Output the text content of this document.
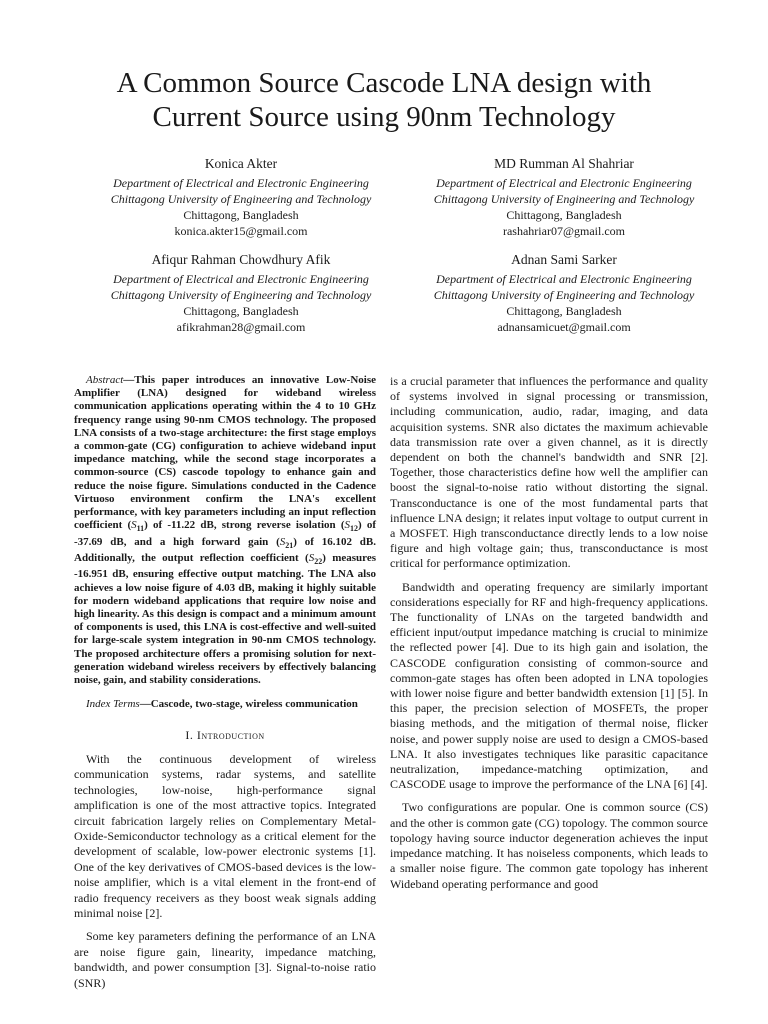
A Common Source Cascode LNA design with
Current Source using 90nm Technology
Konica Akter
Department of Electrical and Electronic Engineering
Chittagong University of Engineering and Technology
Chittagong, Bangladesh
konica.akter15@gmail.com
MD Rumman Al Shahriar
Department of Electrical and Electronic Engineering
Chittagong University of Engineering and Technology
Chittagong, Bangladesh
rashahriar07@gmail.com
Afiqur Rahman Chowdhury Afik
Department of Electrical and Electronic Engineering
Chittagong University of Engineering and Technology
Chittagong, Bangladesh
afikrahman28@gmail.com
Adnan Sami Sarker
Department of Electrical and Electronic Engineering
Chittagong University of Engineering and Technology
Chittagong, Bangladesh
adnansamicuet@gmail.com
Abstract—This paper introduces an innovative Low-Noise Amplifier (LNA) designed for wideband wireless communication applications operating within the 4 to 10 GHz frequency range using 90-nm CMOS technology. The proposed LNA consists of a two-stage architecture: the first stage employs a common-gate (CG) configuration to achieve wideband input impedance matching, while the second stage incorporates a common-source (CS) cascode topology to enhance gain and reduce the noise figure. Simulations conducted in the Cadence Virtuoso environment confirm the LNA's excellent performance, with key parameters including an input reflection coefficient $(S_{11})$ of -11.22 dB, strong reverse isolation $(S_{12})$ of -37.69 dB, and a high forward gain $(S_{21})$ of 16.102 dB. Additionally, the output reflection coefficient $(S_{22})$ measures -16.951 dB, ensuring effective output matching. The LNA also achieves a low noise figure of 4.03 dB, making it highly suitable for modern wideband applications that require low noise and high linearity. As this design is compact and a minimum amount of components is used, this LNA is cost-effective and well-suited for large-scale system integration in 90-nm CMOS technology. The proposed architecture offers a promising solution for next-generation wideband wireless receivers by effectively balancing noise, gain, and stability considerations.
Index Terms—Cascode, two-stage, wireless communication
I. Introduction

With the continuous development of wireless communication systems, radar systems, and satellite technologies, low-noise, high-performance signal amplification is one of the most attractive topics. Integrated circuit fabrication largely relies on Complementary Metal-Oxide-Semiconductor technology as a critical element for the development of scalable, low-power electronic systems [1]. One of the key derivatives of CMOS-based devices is the low-noise amplifier, which is a vital element in the front-end of radio frequency receivers as they boost weak signals adding minimal noise [2].

Some key parameters defining the performance of an LNA are noise figure gain, linearity, impedance matching, bandwidth, and power consumption [3]. Signal-to-noise ratio (SNR)

is a crucial parameter that influences the performance and quality of systems involved in signal processing or transmission, including communication, audio, radar, imaging, and data acquisition systems. SNR also dictates the maximum achievable data transmission rate over a given channel, as it is directly dependent on both the channel's bandwidth and SNR [2]. Together, those characteristics define how well the amplifier can boost the signal-to-noise ratio without distorting the signal. Transconductance is one of the most fundamental parts that influence LNA design; it relates input voltage to output current in a MOSFET. High transconductance directly lends to a low noise figure and high voltage gain; thus, transconductance is most critical for performance optimization.

Bandwidth and operating frequency are similarly important considerations especially for RF and high-frequency applications. The functionality of LNAs on the targeted bandwidth and efficient input/output impedance matching is crucial to minimize the reflected power [4]. Due to its high gain and isolation, the CASCODE configuration consisting of common-source and common-gate stages has often been adopted in LNA topologies with lower noise figure and better bandwidth extension [1] [5]. In this paper, the precision selection of MOSFETs, the proper biasing methods, and the mitigation of thermal noise, flicker noise, and power supply noise are used to design a CMOS-based LNA. It also investigates techniques like parasitic capacitance neutralization, impedance-matching optimization, and CASCODE usage to improve the performance of the LNA [6] [4].

Two configurations are popular. One is common source (CS) and the other is common gate (CG) topology. The common source topology having source inductor degeneration achieves the input impedance matching. It has noiseless components, which leads to a smaller noise figure. The common gate topology has inherent Wideband operating performance and good
